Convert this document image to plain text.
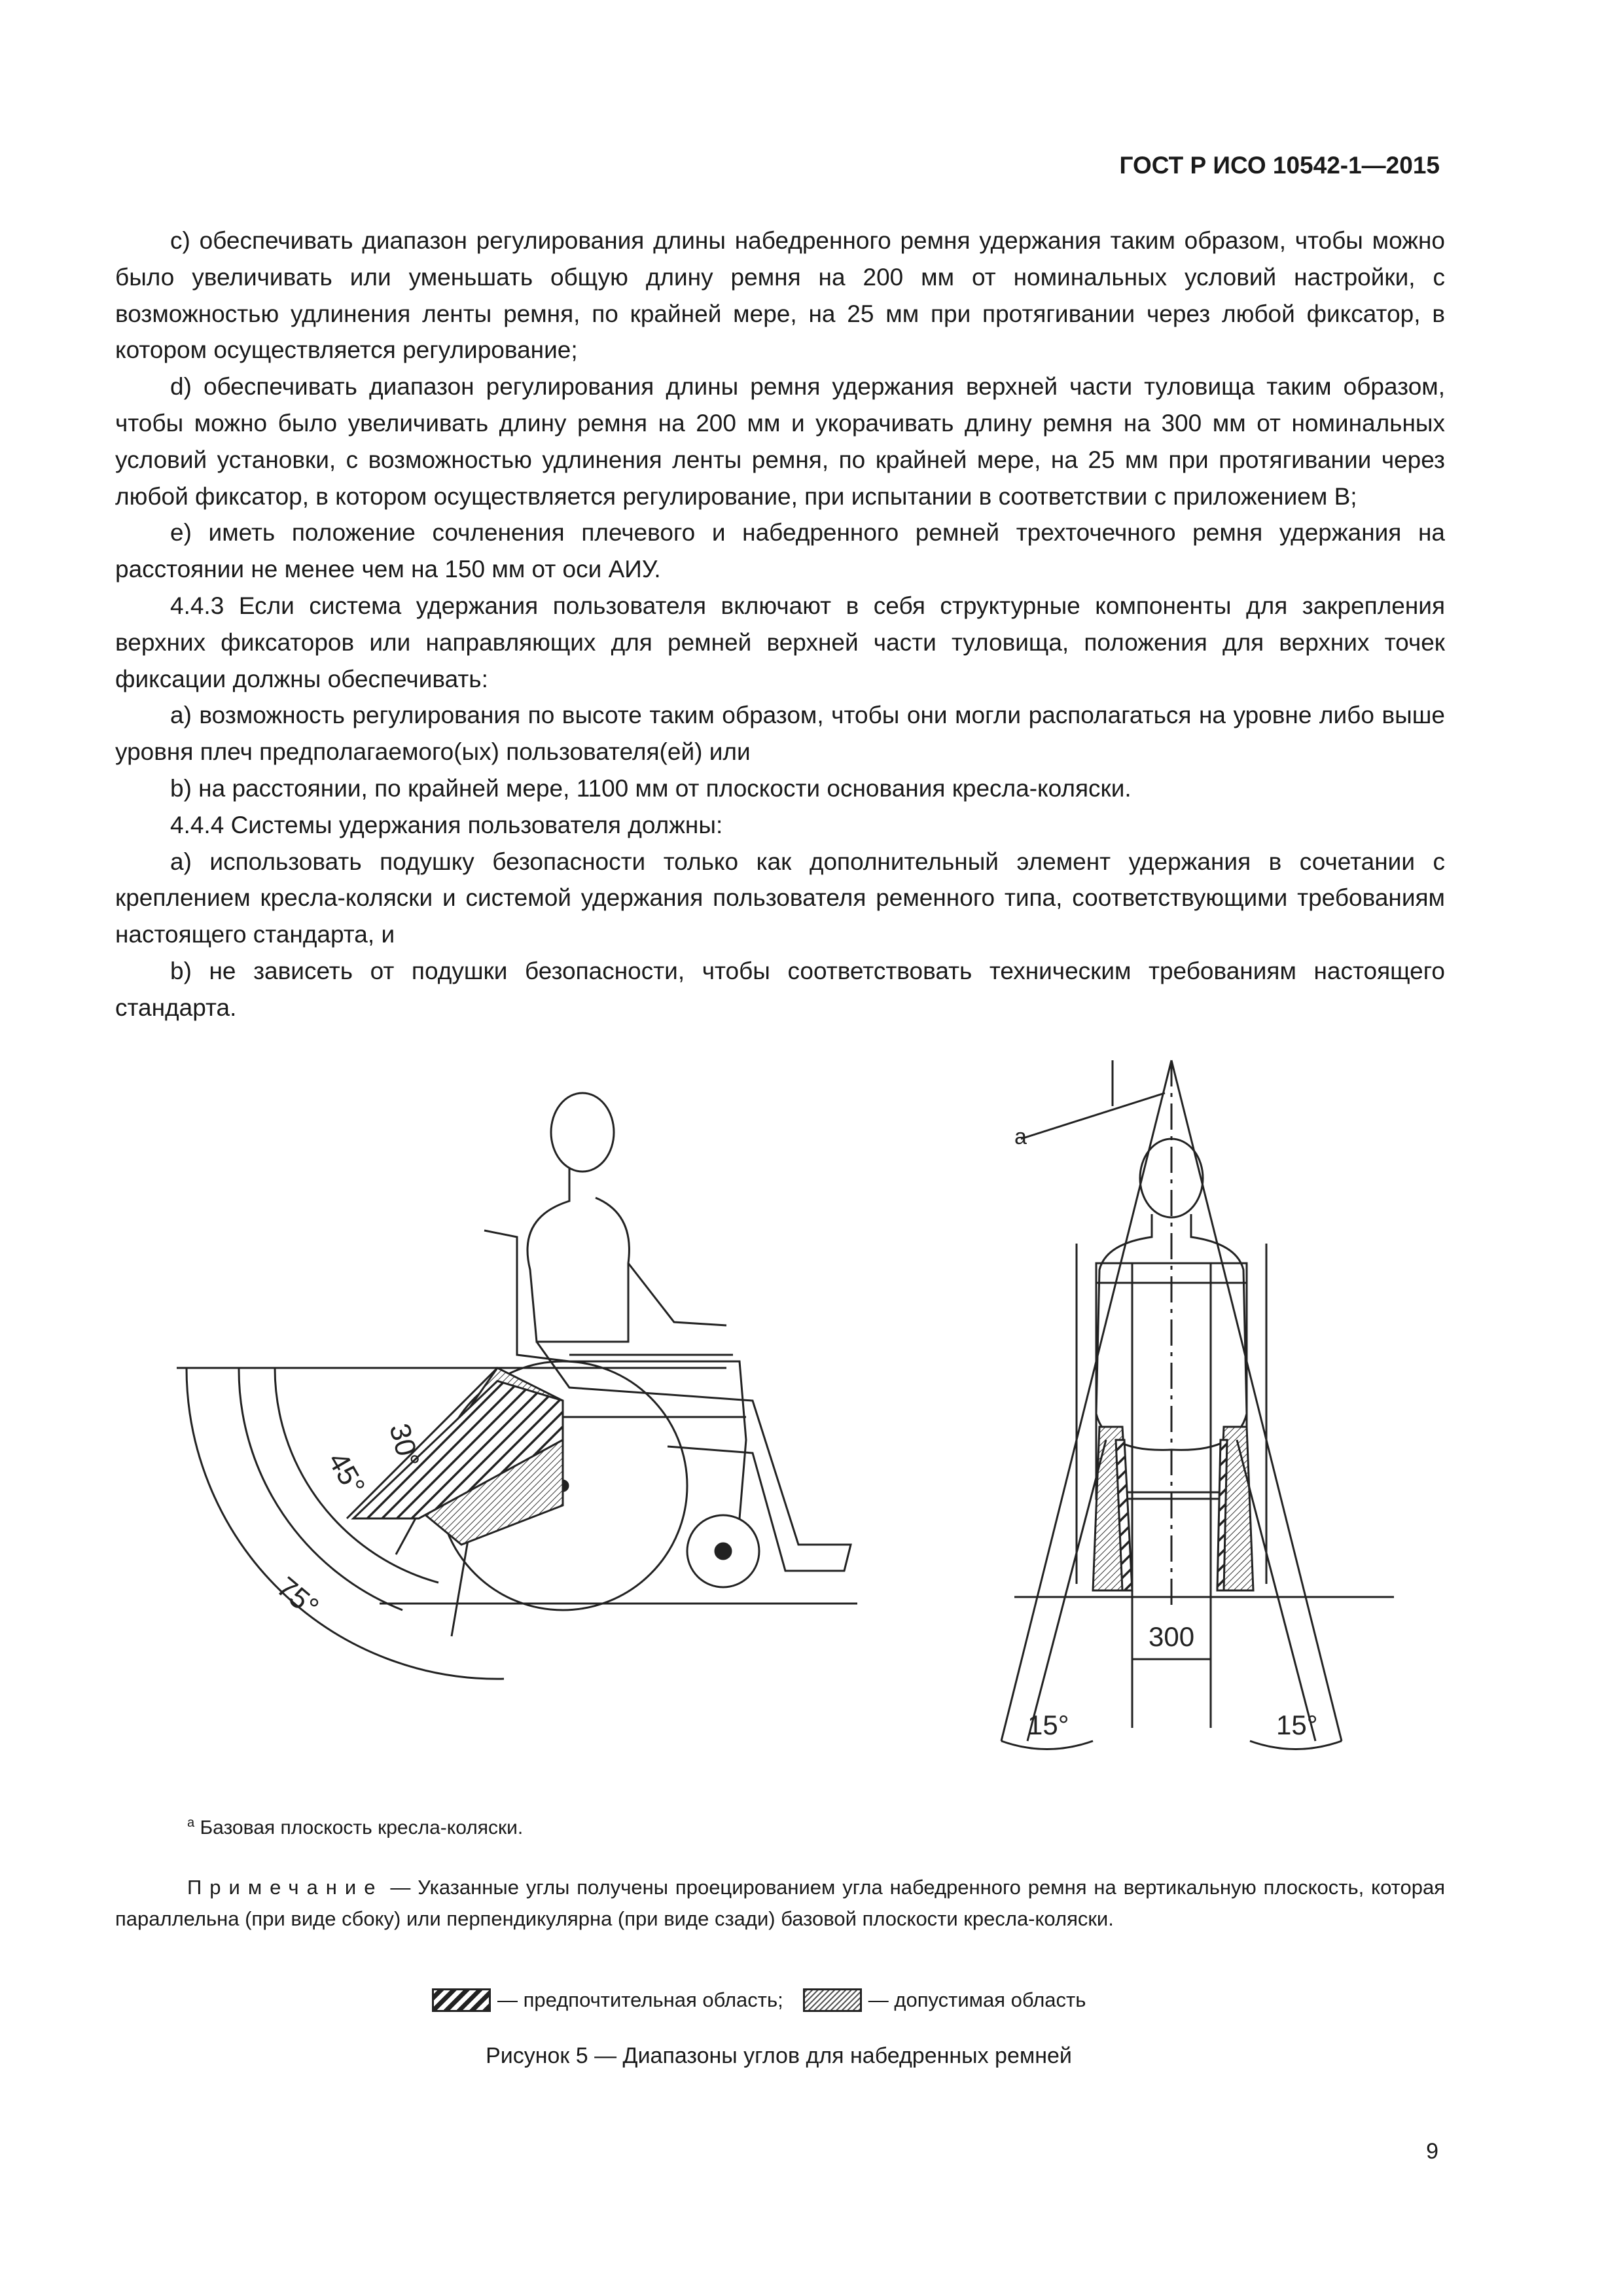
ГОСТ Р ИСО 10542-1—2015

c) обеспечивать диапазон регулирования длины набедренного ремня удержания таким образом, чтобы можно было увеличивать или уменьшать общую длину ремня на 200 мм от номинальных условий настройки, с возможностью удлинения ленты ремня, по крайней мере, на 25 мм при протягивании через любой фиксатор, в котором осуществляется регулирование;

d) обеспечивать диапазон регулирования длины ремня удержания верхней части туловища таким образом, чтобы можно было увеличивать длину ремня на 200 мм и укорачивать длину ремня на 300 мм от номинальных условий установки, с возможностью удлинения ленты ремня, по крайней мере, на 25 мм при протягивании через любой фиксатор, в котором осуществляется регулирование, при испытании в соответствии с приложением В;

e) иметь положение сочленения плечевого и набедренного ремней трехточечного ремня удержания на расстоянии не менее чем на 150 мм от оси АИУ.

4.4.3 Если система удержания пользователя включают в себя структурные компоненты для закрепления верхних фиксаторов или направляющих для ремней верхней части туловища, положения для верхних точек фиксации должны обеспечивать:

a) возможность регулирования по высоте таким образом, чтобы они могли располагаться на уровне либо выше уровня плеч предполагаемого(ых) пользователя(ей) или

b) на расстоянии, по крайней мере, 1100 мм от плоскости основания кресла-коляски.

4.4.4 Системы удержания пользователя должны:

a) использовать подушку безопасности только как дополнительный элемент удержания в сочетании с креплением кресла-коляски и системой удержания пользователя ременного типа, соответствующими требованиям настоящего стандарта, и

b) не зависеть от подушки безопасности, чтобы соответствовать техническим требованиям настоящего стандарта.

30°
45°
75°
a
300
15°	15°
$^a$ Базовая плоскость кресла-коляски.
Примечание — Указанные углы получены проецированием угла набедренного ремня на вертикальную плоскость, которая параллельна (при виде сбоку) или перпендикулярна (при виде сзади) базовой плоскости кресла-коляски.
— предпочтительная область;	— допустимая область
Рисунок 5 — Диапазоны углов для набедренных ремней
9
